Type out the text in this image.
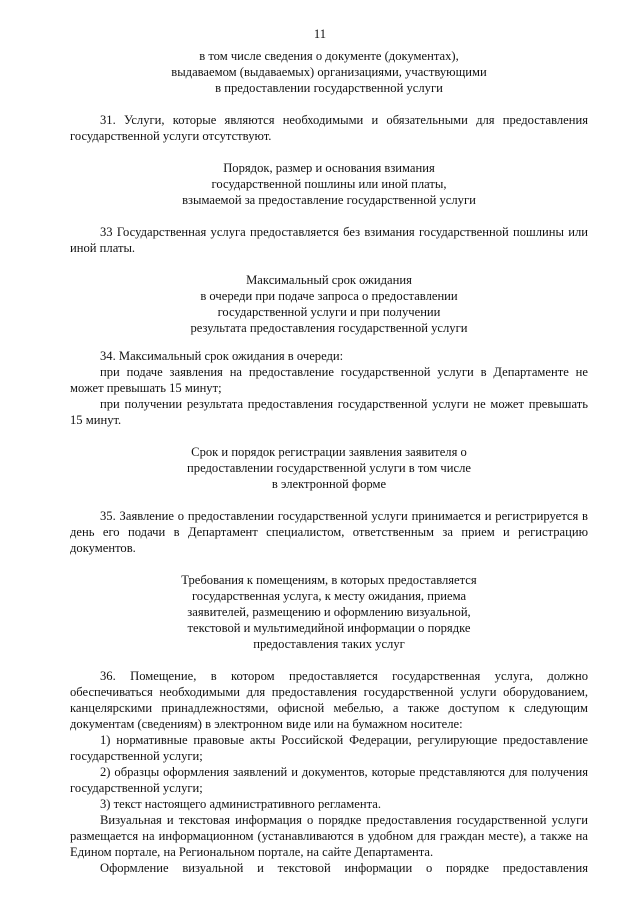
11
в том числе сведения о документе (документах),
выдаваемом (выдаваемых) организациями, участвующими
в предоставлении государственной услуги

31. Услуги, которые являются необходимыми и обязательными для предоставления государственной услуги отсутствуют.

Порядок, размер и основания взимания
государственной пошлины или иной платы,
взымаемой за предоставление государственной услуги

33 Государственная услуга предоставляется без взимания государственной пошлины или иной платы.

Максимальный срок ожидания
в очереди при подаче запроса о предоставлении
государственной услуги и при получении
результата предоставления государственной услуги

34. Максимальный срок ожидания в очереди:

при подаче заявления на предоставление государственной услуги в Департаменте не может превышать 15 минут;

при получении результата предоставления государственной услуги не может превышать 15 минут.

Срок и порядок регистрации заявления заявителя о
предоставлении государственной услуги в том числе
в электронной форме

35. Заявление о предоставлении государственной услуги принимается и регистрируется в день его подачи в Департамент специалистом, ответственным за прием и регистрацию документов.

Требования к помещениям, в которых предоставляется
государственная услуга, к месту ожидания, приема
заявителей, размещению и оформлению визуальной,
текстовой и мультимедийной информации о порядке
предоставления таких услуг

36. Помещение, в котором предоставляется государственная услуга, должно обеспечиваться необходимыми для предоставления государственной услуги оборудованием, канцелярскими принадлежностями, офисной мебелью, а также доступом к следующим документам (сведениям) в электронном виде или на бумажном носителе:

1) нормативные правовые акты Российской Федерации, регулирующие предоставление государственной услуги;

2) образцы оформления заявлений и документов, которые представляются для получения государственной услуги;

3) текст настоящего административного регламента.

Визуальная и текстовая информация о порядке предоставления государственной услуги размещается на информационном (устанавливаются в удобном для граждан месте), а также на Едином портале, на Региональном портале, на сайте Департамента.

Оформление визуальной и текстовой информации о порядке предоставления
